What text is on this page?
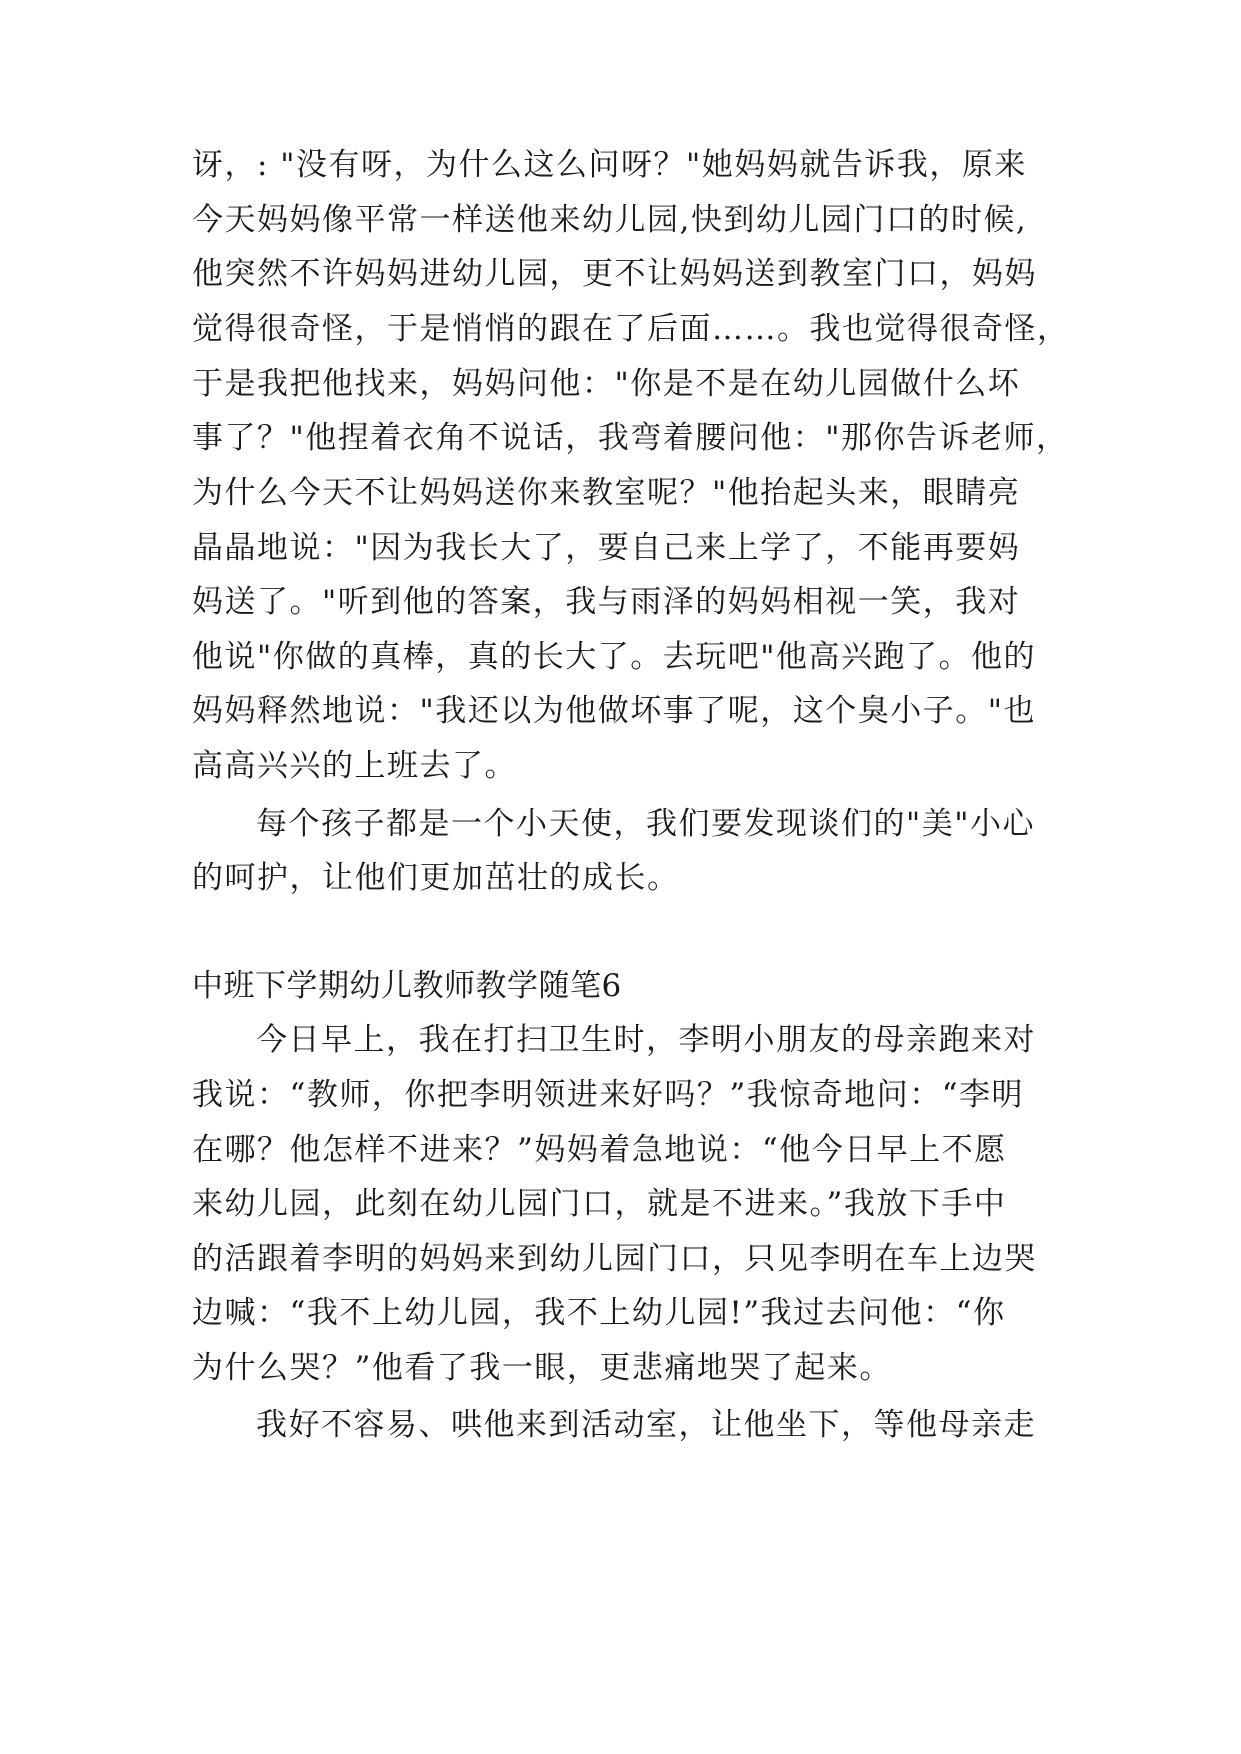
讶，: "没有呀，为什么这么问呀？"她妈妈就告诉我，原来
今天妈妈像平常一样送他来幼儿园,快到幼儿园门口的时候,
他突然不许妈妈进幼儿园，更不让妈妈送到教室门口，妈妈
觉得很奇怪，于是悄悄的跟在了后面……。我也觉得很奇怪，
于是我把他找来，妈妈问他："你是不是在幼儿园做什么坏
事了？"他捏着衣角不说话，我弯着腰问他："那你告诉老师，
为什么今天不让妈妈送你来教室呢？"他抬起头来，眼睛亮
晶晶地说："因为我长大了，要自己来上学了，不能再要妈
妈送了。"听到他的答案，我与雨泽的妈妈相视一笑，我对
他说"你做的真棒，真的长大了。去玩吧"他高兴跑了。他的
妈妈释然地说："我还以为他做坏事了呢，这个臭小子。"也
高高兴兴的上班去了。
每个孩子都是一个小天使，我们要发现谈们的"美"小心
的呵护，让他们更加茁壮的成长。
中班下学期幼儿教师教学随笔6
今日早上，我在打扫卫生时，李明小朋友的母亲跑来对
我说：“教师，你把李明领进来好吗？”我惊奇地问：“李明
在哪？他怎样不进来？”妈妈着急地说：“他今日早上不愿
来幼儿园，此刻在幼儿园门口，就是不进来。”我放下手中
的活跟着李明的妈妈来到幼儿园门口，只见李明在车上边哭
边喊：“我不上幼儿园，我不上幼儿园!”我过去问他：“你
为什么哭？”他看了我一眼，更悲痛地哭了起来。
我好不容易、哄他来到活动室，让他坐下，等他母亲走
